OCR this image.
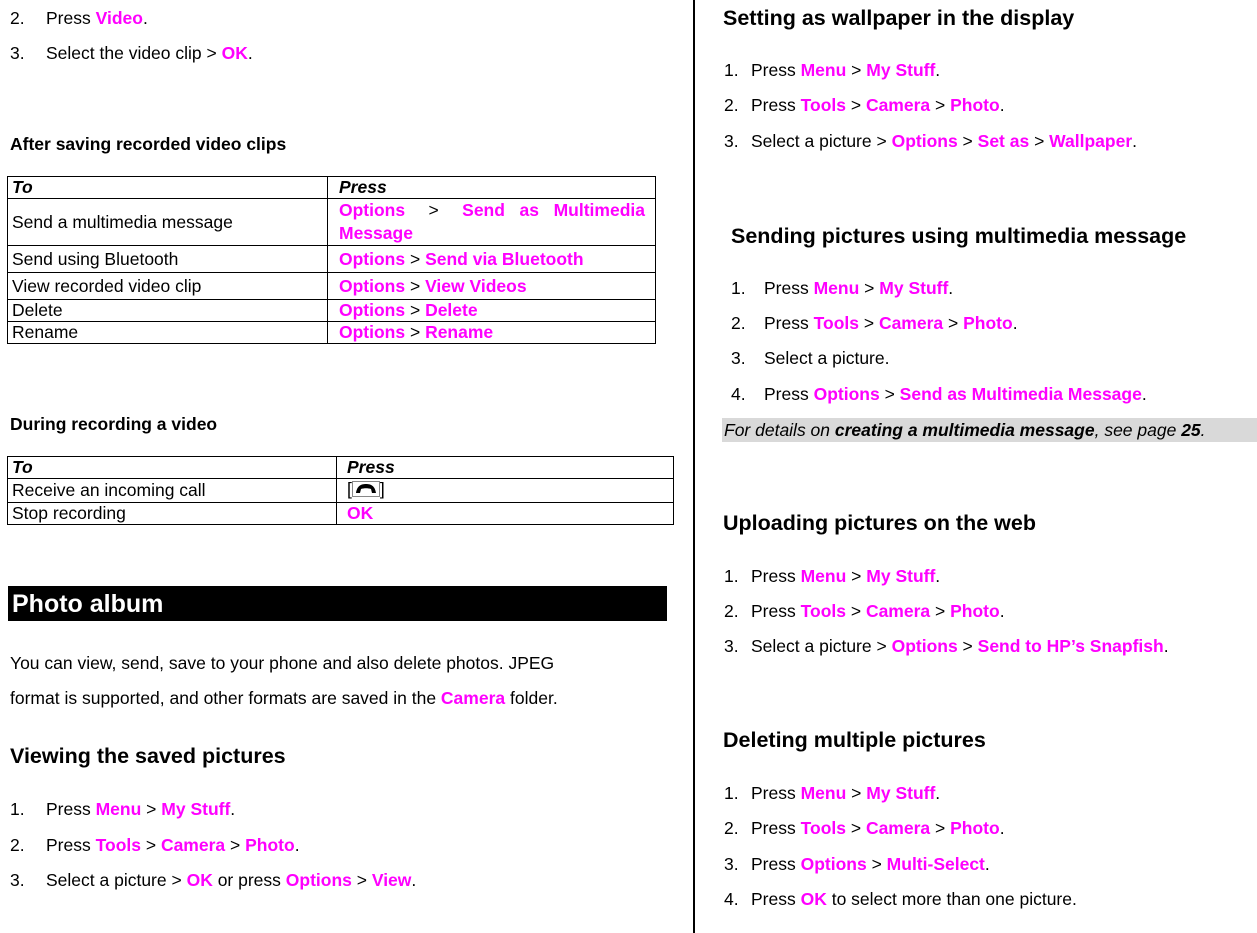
2. Press Video.
3. Select the video clip > OK.
After saving recorded video clips
To	Press
Send a multimedia message	Options > Send   as   Multimedia
Message

Send using Bluetooth	Options > Send via Bluetooth
View recorded video clip	Options > View Videos
Delete	Options > Delete
Rename	Options > Rename
During recording a video
To	Press
Receive an incoming call	[ ]
Stop recording	OK
Photo album
You can view, send, save to your phone and also delete photos. JPEG
format is supported, and other formats are saved in the Camera folder.
Viewing the saved pictures
1. Press Menu > My Stuff.
2. Press Tools > Camera > Photo.
3. Select a picture > OK or press Options > View.
Setting as wallpaper in the display
1. Press Menu > My Stuff.
2. Press Tools > Camera > Photo.
3. Select a picture > Options > Set as > Wallpaper.
Sending pictures using multimedia message
1. Press Menu > My Stuff.
2. Press Tools > Camera > Photo.
3. Select a picture.
4. Press Options > Send as Multimedia Message.
For details on creating a multimedia message, see page 25.
Uploading pictures on the web
1. Press Menu > My Stuff.
2. Press Tools > Camera > Photo.
3. Select a picture > Options > Send to HP’s Snapfish.
Deleting multiple pictures
1. Press Menu > My Stuff.
2. Press Tools > Camera > Photo.
3. Press Options > Multi-Select.
4. Press OK to select more than one picture.
